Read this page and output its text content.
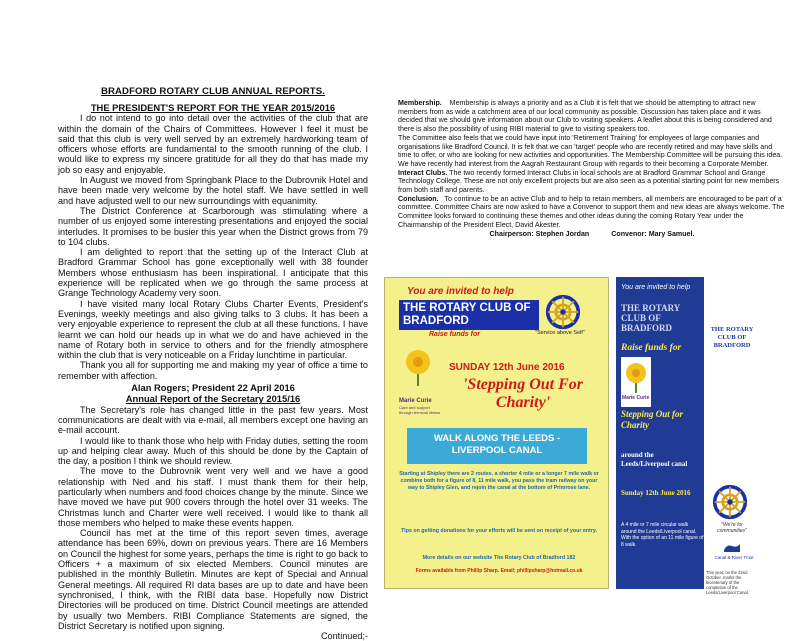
BRADFORD ROTARY CLUB ANNUAL REPORTS.
THE PRESIDENT'S REPORT FOR THE YEAR 2015/2016

I do not intend to go into detail over the activities of the club that are within the domain of the Chairs of Committees. However I feel it must be said that this club is very well served by an extremely hardworking team of officers whose efforts are fundamental to the smooth running of the club. I would like to express my sincere gratitude for all they do that has made my job so easy and enjoyable.

In August we moved from Springbank Place to the Dubrovnik Hotel and have been made very welcome by the hotel staff. We have settled in well and have adjusted well to our new surroundings with equanimity.

The District Conference at Scarborough was stimulating where a number of us enjoyed some interesting presentations and enjoyed the social interludes. It promises to be busier this year when the District grows from 79 to 104 clubs.

I am delighted to report that the setting up of the Interact Club at Bradford Grammar School has gone exceptionally well with 38 founder Members whose enthusiasm has been inspirational. I anticipate that this experience will be replicated when we go through the same process at Grange Technology Academy very soon.

I have visited many local Rotary Clubs Charter Events, President's Evenings, weekly meetings and also giving talks to 3 clubs. It has been a very enjoyable experience to represent the club at all these functions. I have learnt we can hold our heads up in what we do and have achieved in the name of Rotary both in service to others and for the friendly atmosphere within the club that is very noticeable on a Friday lunchtime in particular.

Thank you all for supporting me and making my year of office a time to remember with affection.

Alan Rogers; President 22 April 2016
Annual Report of the Secretary 2015/16

The Secretary's role has changed little in the past few years. Most communications are dealt with via e-mail, all members except one having an e-mail account.

I would like to thank those who help with Friday duties, setting the room up and helping clear away. Much of this should be done by the Captain of the day, a position I think we should review.

The move to the Dubrovnik went very well and we have a good relationship with Ned and his staff. I must thank them for their help, particularly when numbers and food choices change by the minute. Since we have moved we have put 900 covers through the hotel over 31 weeks. The Christmas lunch and Charter were well received. I would like to thank all those members who helped to make these events happen.

Council has met at the time of this report seven times, average attendance has been 69%, down on previous years. There are 16 Members on Council the highest for some years, perhaps the time is right to go back to Officers + a maximum of six elected Members. Council minutes are published in the monthly Bulletin. Minutes are kept of Special and Annual General meetings. All required RI data bases are up to date and have been synchronised, I think, with the RIBI data base. Hopefully now District Directories will be produced on time. District Council meetings are attended by usually two Members. RIBI Compliance Statements are signed, the District Secretary is notified upon signing.

Continued;-

Membership. Membership is always a priority and as a Club it is felt that we should be attempting to attract new members from as wide a catchment area of our local community as possible. Discussion has taken place and it was decided that we should give information about our Club to visiting speakers. A leaflet about this is being considered and there is also the possibility of using RIBI material to give to visiting speakers too.

The Committee also feels that we could have input into 'Retirement Training' for employees of large companies and organisations like Bradford Council. It is felt that we can 'target' people who are recently retired and may have skills and time to offer, or who are looking for new activities and opportunities. The Membership Committee will be pursuing this idea.

We have recently had interest from the Aagrah Restaurant Group with regards to their becoming a Corporate Member.

Interact Clubs. The two recently formed Interact Clubs in local schools are at Bradford Grammar School and Grange Technology College. These are not only excellent projects but are also seen as a potential starting point for new members from both staff and parents.

Conclusion. To continue to be an active Club and to help to retain members, all members are encouraged to be part of a committee. Committee Chairs are now asked to have a Convenor to support them and new ideas are always welcome. The Committee looks forward to continuing these themes and other ideas during the coming Rotary Year under the Chairmanship of the President Elect, David Akester.

Chairperson: Stephen Jordan	Convenor: Mary Samuel.
You are invited to help
THE ROTARY CLUB OF BRADFORD
Raise funds for	"Service above Self"
Marie Curie
Care and support through terminal illness
SUNDAY 12th June 2016
'Stepping Out For Charity'
WALK ALONG THE LEEDS - LIVERPOOL CANAL
Starting at Shipley there are 2 routes, a shorter 4 mile or a longer 7 mile walk or combine both for a figure of 8, 11 mile walk, you pass the tram railway on your way to Shipley Glen, and rejoin the canal at the bottom of Primrose lane.
Tips on getting donations for your efforts will be sent on receipt of your entry.
More details on our website The Rotary Club of Bradford 182
Forms available from Phillip Sharp. Email; phillipsharp@hotmail.co.uk
You are invited to help
THE ROTARY CLUB OF BRADFORD
Raise funds for
Marie Curie
Stepping Out for Charity
around the Leeds/Liverpool canal
Sunday 12th June 2016
A 4 mile or 7 mile circular walk around the Leeds/Liverpool canal. With the option of an 11 mile figure of 8 walk.
THE ROTARY CLUB OF BRADFORD
"We're for communities"
Canal & River Trust
This year, on the 22nd October, marks the bicentenary of the completion of the Leeds/Liverpool Canal.
